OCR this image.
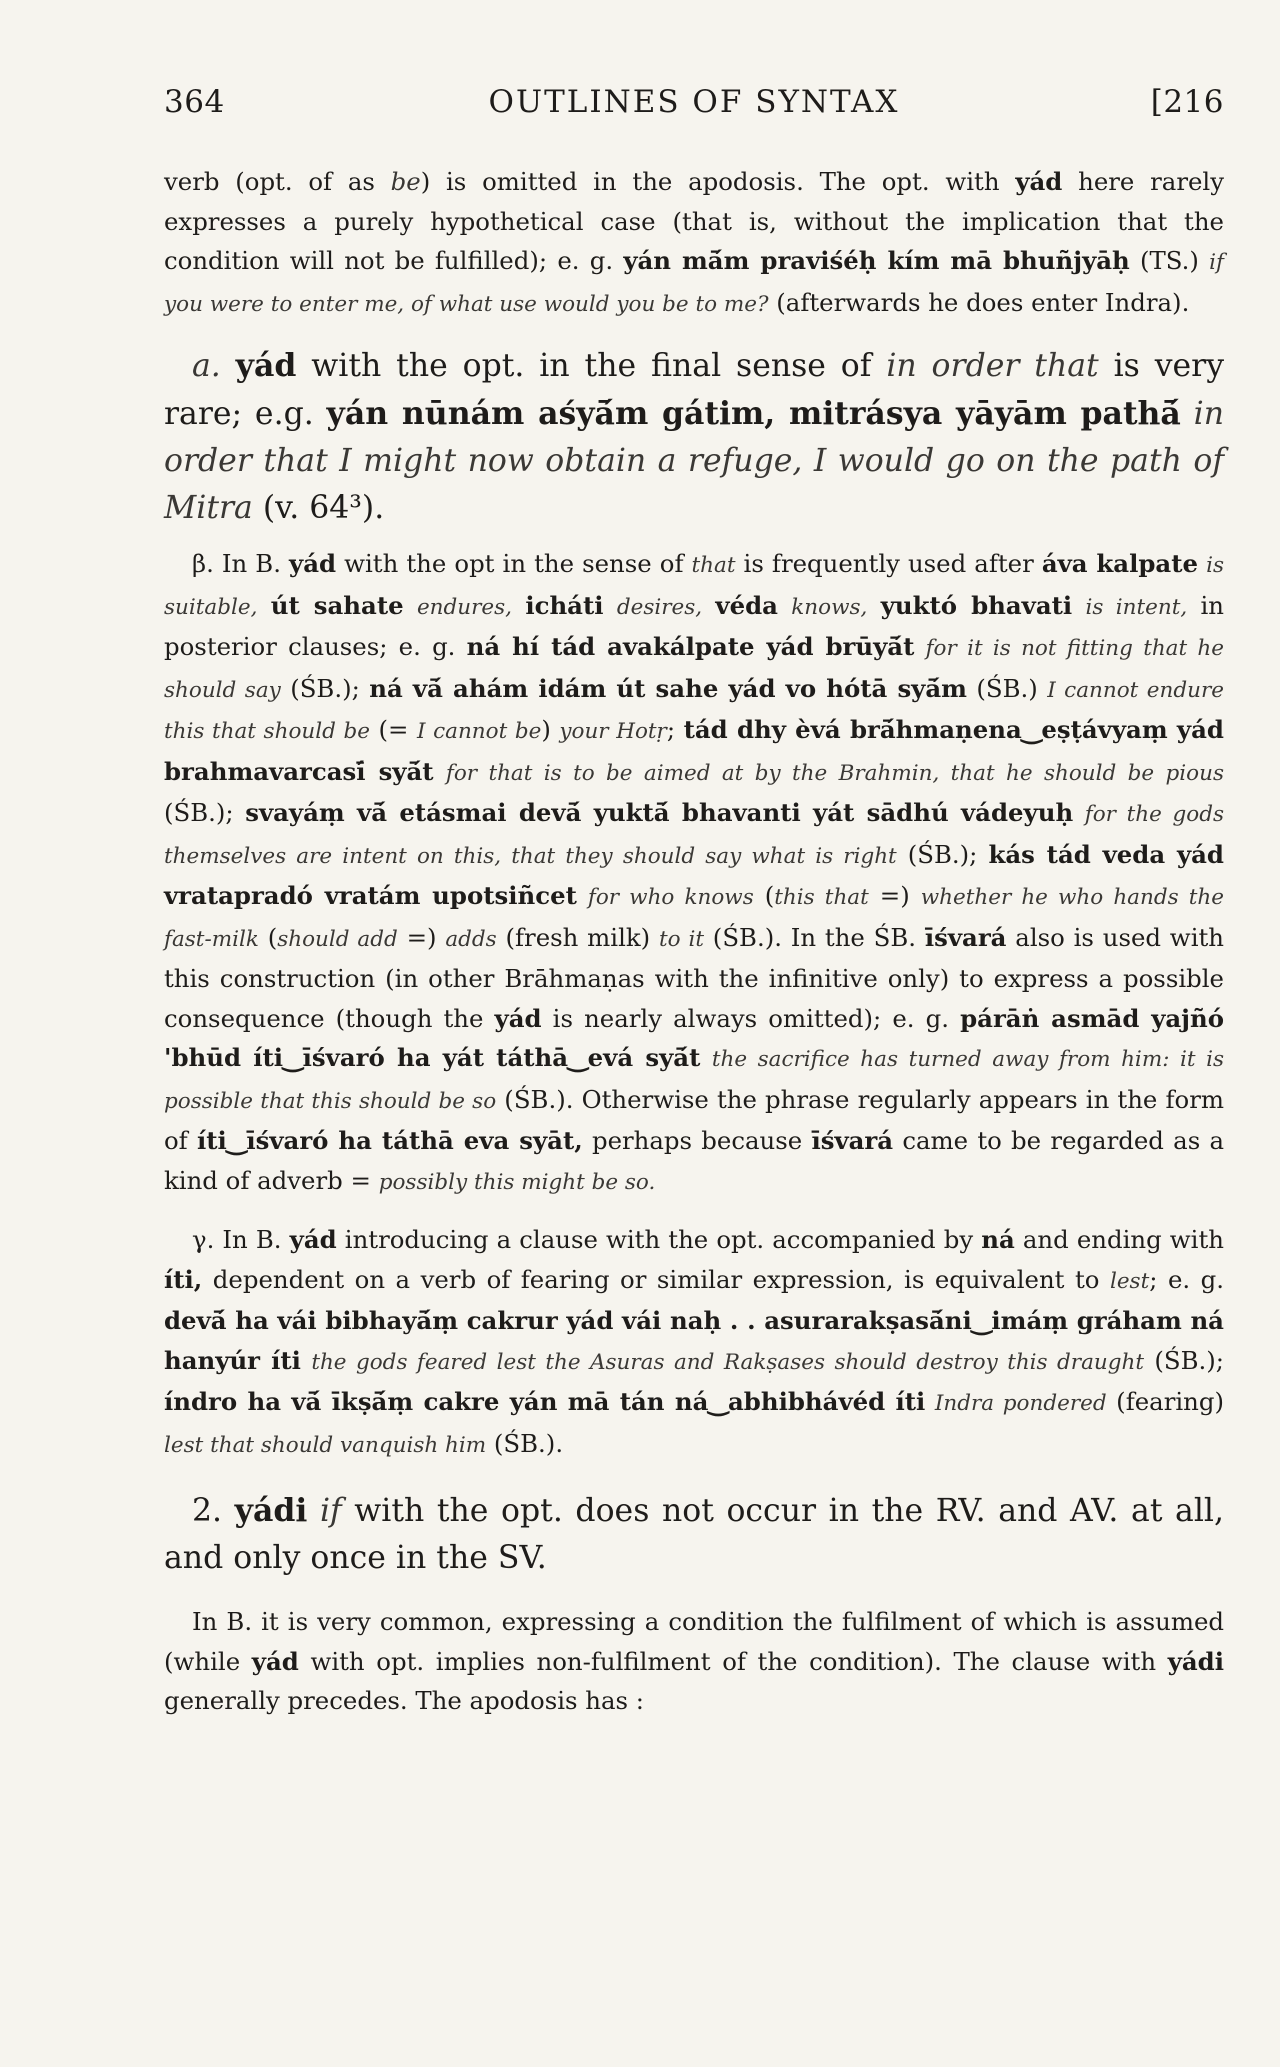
364	OUTLINES OF SYNTAX	[216

verb (opt. of as be) is omitted in the apodosis. The opt. with yád here rarely expresses a purely hypothetical case (that is, without the implication that the condition will not be fulfilled); e. g. yán mā́m praviśéḥ kím mā bhuñjyāḥ (TS.) if you were to enter me, of what use would you be to me? (afterwards he does enter Indra).

a. yád with the opt. in the final sense of in order that is very rare; e.g. yán nūnám aśyā́m gátim, mitrásya yāyām pathā́ in order that I might now obtain a refuge, I would go on the path of Mitra (v. 64³).

β. In B. yád with the opt in the sense of that is frequently used after áva kalpate is suitable, út sahate endures, icháti desires, véda knows, yuktó bhavati is intent, in posterior clauses; e. g. ná hí tád avakálpate yád brūyā́t for it is not fitting that he should say (ŚB.); ná vā́ ahám idám út sahe yád vo hótā syā́m (ŚB.) I cannot endure this that should be (= I cannot be) your Hotṛ; tád dhy èvá brā́hmaṇena‿eṣṭávyaṃ yád brahmavarcasī́ syā́t for that is to be aimed at by the Brahmin, that he should be pious (ŚB.); svayáṃ vā́ etásmai devā́ yuktā́ bhavanti yát sādhú vádeyuḥ for the gods themselves are intent on this, that they should say what is right (ŚB.); kás tád veda yád vratapradó vratám upotsiñcet for who knows (this that =) whether he who hands the fast-milk (should add =) adds (fresh milk) to it (ŚB.). In the ŚB. īśvará also is used with this construction (in other Brāhmaṇas with the infinitive only) to express a possible consequence (though the yád is nearly always omitted); e. g. párāṅ asmād yajñó 'bhūd íti‿īśvaró ha yát táthā‿evá syā́t the sacrifice has turned away from him: it is possible that this should be so (ŚB.). Otherwise the phrase regularly appears in the form of íti‿īśvaró ha táthā eva syāt, perhaps because īśvará came to be regarded as a kind of adverb = possibly this might be so.

γ. In B. yád introducing a clause with the opt. accompanied by ná and ending with íti, dependent on a verb of fearing or similar expression, is equivalent to lest; e. g. devā́ ha vái bibhayā́ṃ cakrur yád vái naḥ . . asurarakṣasā́ni‿imáṃ gráham ná hanyúr íti the gods feared lest the Asuras and Rakṣases should destroy this draught (ŚB.); índro ha vā́ īkṣā́ṃ cakre yán mā tán ná‿abhibhávéd íti Indra pondered (fearing) lest that should vanquish him (ŚB.).

2. yádi if with the opt. does not occur in the RV. and AV. at all, and only once in the SV.

In B. it is very common, expressing a condition the fulfilment of which is assumed (while yád with opt. implies non-fulfilment of the condition). The clause with yádi generally precedes. The apodosis has :
